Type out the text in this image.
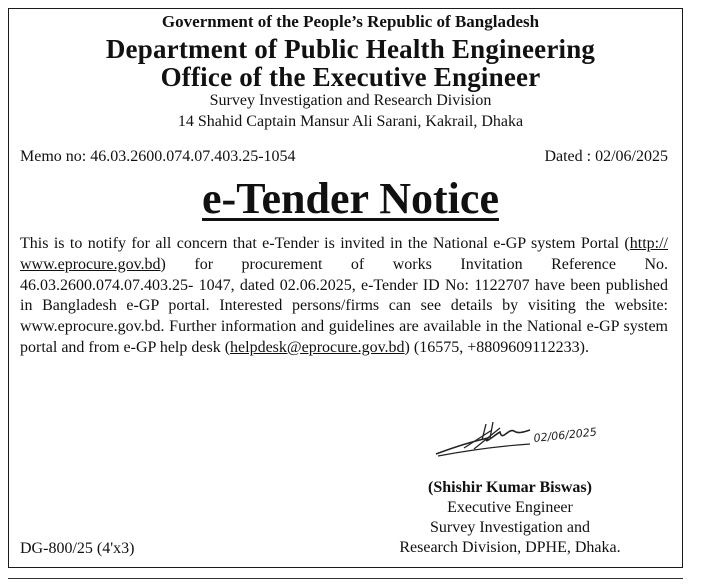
Government of the People’s Republic of Bangladesh
Department of Public Health Engineering
Office of the Executive Engineer
Survey Investigation and Research Division
14 Shahid Captain Mansur Ali Sarani, Kakrail, Dhaka
Memo no: 46.03.2600.074.07.403.25-1054	Dated : 02/06/2025
e-Tender Notice
This is to notify for all concern that e-Tender is invited in the National e-GP system Portal (http:// www.eprocure.gov.bd) for procurement of works Invitation Reference No. 46.03.2600.074.07.403.25- 1047, dated 02.06.2025, e-Tender ID No: 1122707 have been published in Bangladesh e-GP portal. Interested persons/firms can see details by visiting the website: www.eprocure.gov.bd. Further information and guidelines are available in the National e-GP system portal and from e-GP help desk (helpdesk@eprocure.gov.bd) (16575, +8809609112233).
02/06/2025
(Shishir Kumar Biswas)
Executive Engineer
Survey Investigation and
Research Division, DPHE, Dhaka.
DG-800/25 (4'x3)
